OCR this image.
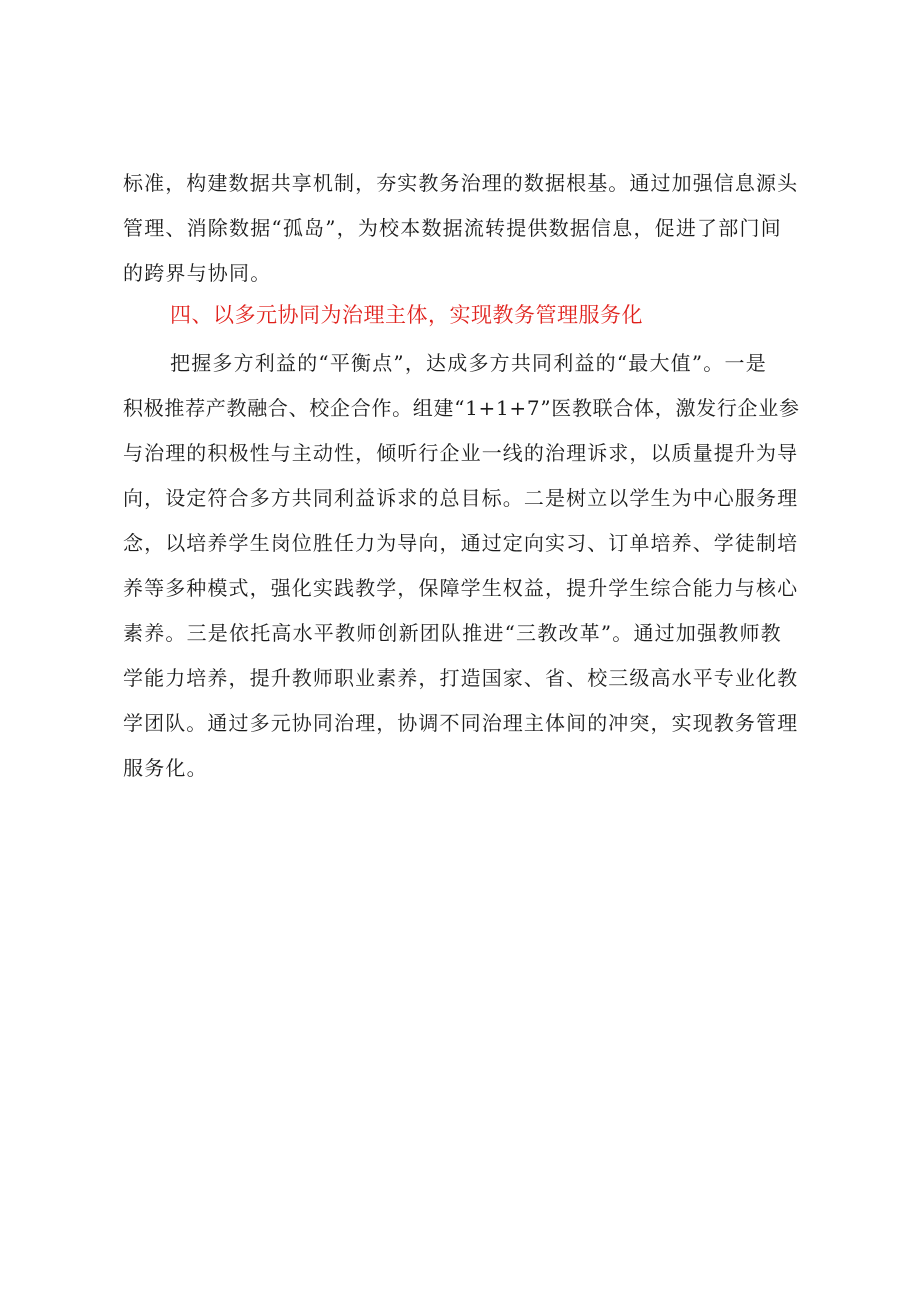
标准，构建数据共享机制，夯实教务治理的数据根基。通过加强信息源头
管理、消除数据“孤岛”，为校本数据流转提供数据信息，促进了部门间
的跨界与协同。
四、以多元协同为治理主体，实现教务管理服务化
把握多方利益的“平衡点”，达成多方共同利益的“最大值”。一是
积极推荐产教融合、校企合作。组建“1+1+7”医教联合体，激发行企业参
与治理的积极性与主动性，倾听行企业一线的治理诉求，以质量提升为导
向，设定符合多方共同利益诉求的总目标。二是树立以学生为中心服务理
念，以培养学生岗位胜任力为导向，通过定向实习、订单培养、学徒制培
养等多种模式，强化实践教学，保障学生权益，提升学生综合能力与核心
素养。三是依托高水平教师创新团队推进“三教改革”。通过加强教师教
学能力培养，提升教师职业素养，打造国家、省、校三级高水平专业化教
学团队。通过多元协同治理，协调不同治理主体间的冲突，实现教务管理
服务化。
